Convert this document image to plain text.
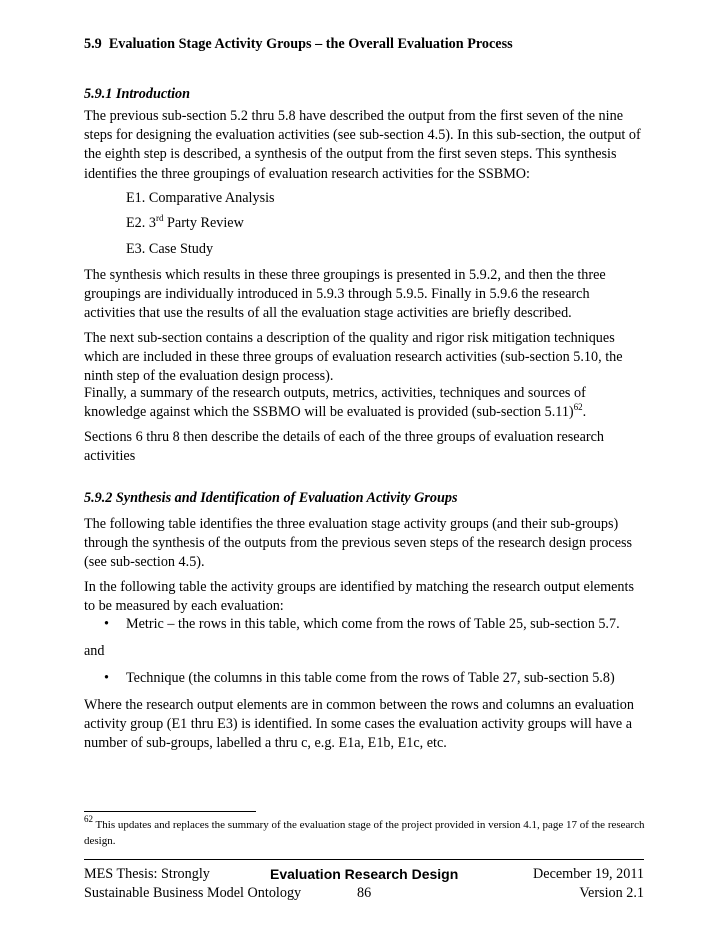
5.9 Evaluation Stage Activity Groups – the Overall Evaluation Process
5.9.1 Introduction

The previous sub-section 5.2 thru 5.8 have described the output from the first seven of the nine steps for designing the evaluation activities (see sub-section 4.5). In this sub-section, the output of the eighth step is described, a synthesis of the output from the first seven steps. This synthesis identifies the three groupings of evaluation research activities for the SSBMO:

E1. Comparative Analysis
E2. 3rd Party Review
E3. Case Study

The synthesis which results in these three groupings is presented in 5.9.2, and then the three groupings are individually introduced in 5.9.3 through 5.9.5. Finally in 5.9.6 the research activities that use the results of all the evaluation stage activities are briefly described.

The next sub-section contains a description of the quality and rigor risk mitigation techniques which are included in these three groups of evaluation research activities (sub-section 5.10, the ninth step of the evaluation design process).

Finally, a summary of the research outputs, metrics, activities, techniques and sources of knowledge against which the SSBMO will be evaluated is provided (sub-section 5.11)$^{62}$.

Sections 6 thru 8 then describe the details of each of the three groups of evaluation research activities

5.9.2 Synthesis and Identification of Evaluation Activity Groups

The following table identifies the three evaluation stage activity groups (and their sub-groups) through the synthesis of the outputs from the previous seven steps of the research design process (see sub-section 4.5).

In the following table the activity groups are identified by matching the research output elements to be measured by each evaluation:

• Metric – the rows in this table, which come from the rows of Table 25, sub-section 5.7.

and

• Technique (the columns in this table come from the rows of Table 27, sub-section 5.8)

Where the research output elements are in common between the rows and columns an evaluation activity group (E1 thru E3) is identified. In some cases the evaluation activity groups will have a number of sub-groups, labelled a thru c, e.g. E1a, E1b, E1c, etc.

$^{62}$ This updates and replaces the summary of the evaluation stage of the project provided in version 4.1, page 17 of the research design.
MES Thesis: Strongly
Sustainable Business Model Ontology
Evaluation Research Design
86
December 19, 2011
Version 2.1
